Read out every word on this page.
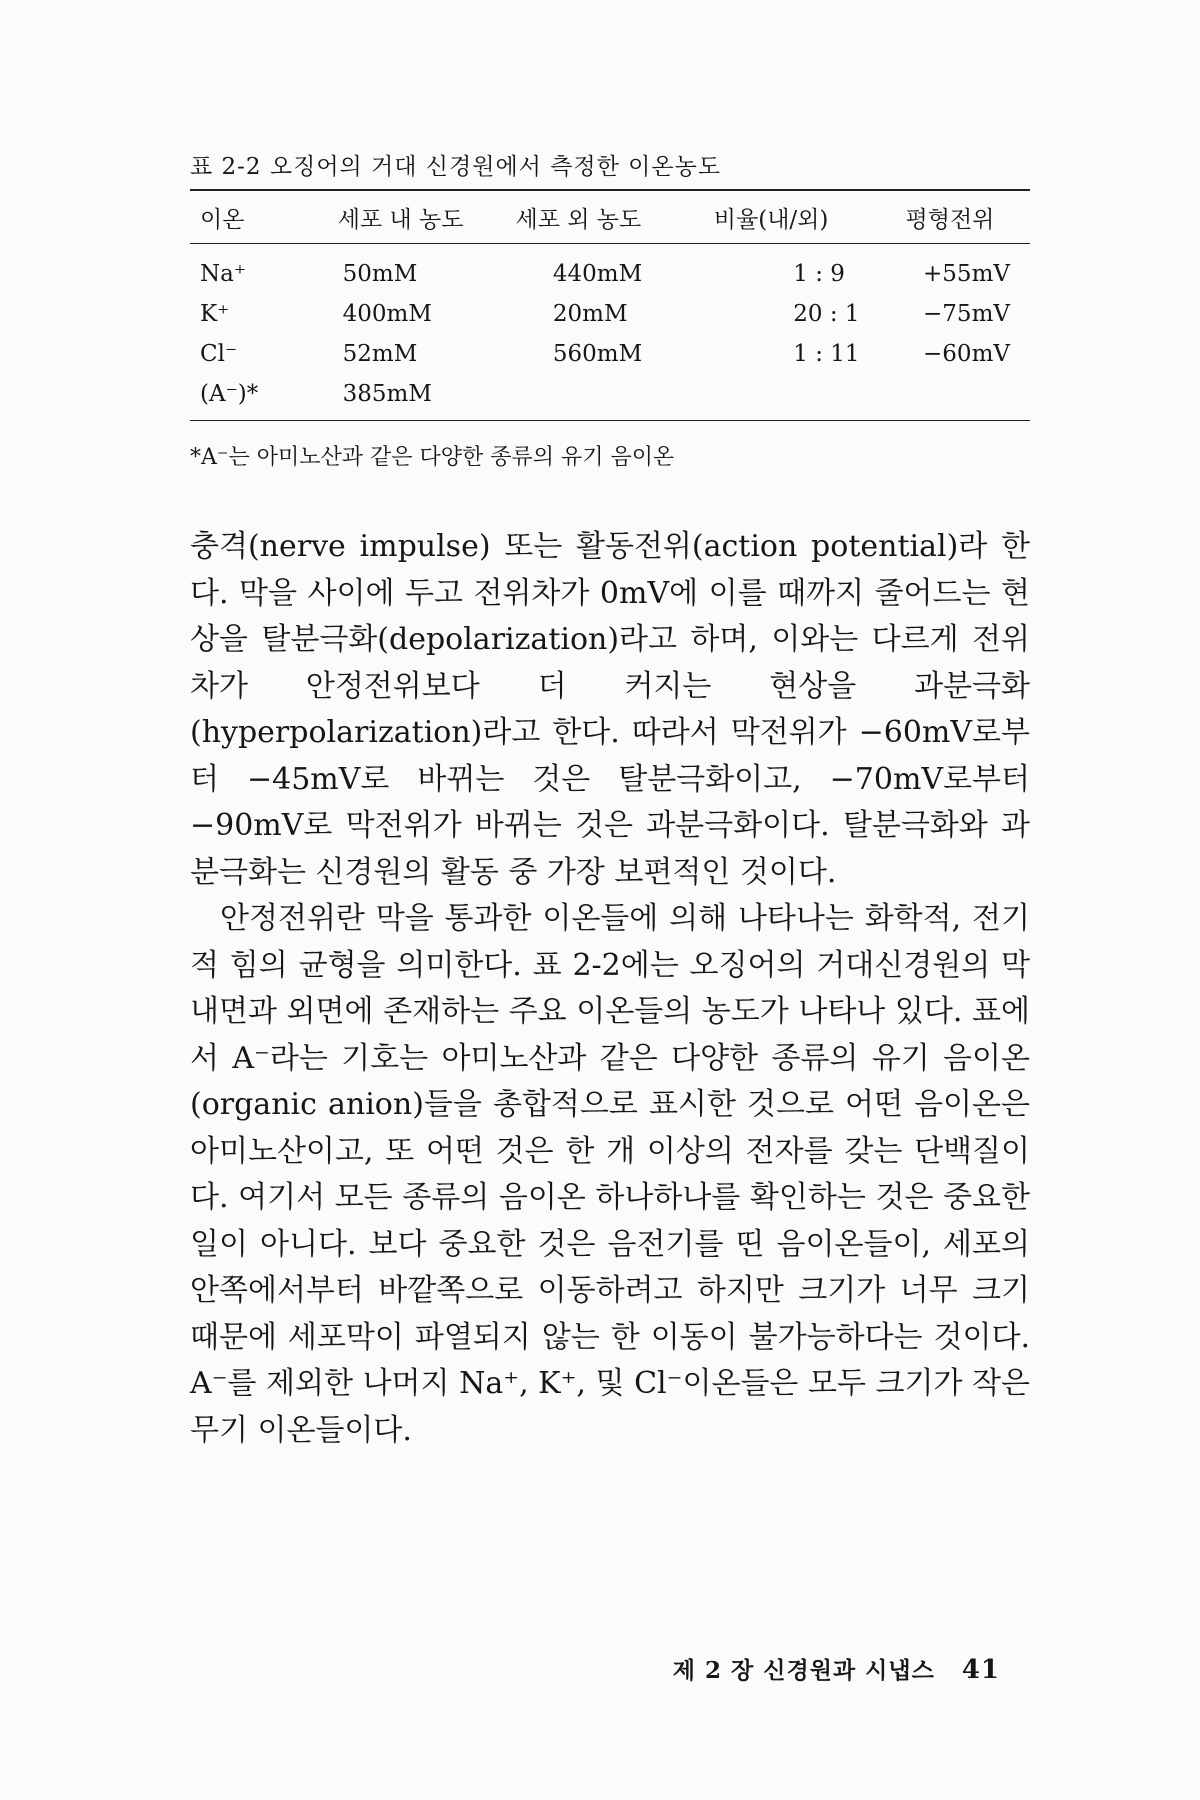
표 2-2 오징어의 거대 신경원에서 측정한 이온농도
이온	세포 내 농도	세포 외 농도	비율(내/외)	평형전위
Na⁺	50mM	440mM	1 : 9	+55mV
K⁺	400mM	20mM	20 : 1	−75mV
Cl⁻	52mM	560mM	1 : 11	−60mV
(A⁻)*	385mM			
*A⁻는 아미노산과 같은 다양한 종류의 유기 음이온

충격(nerve impulse) 또는 활동전위(action potential)라 한다. 막을 사이에 두고 전위차가 0mV에 이를 때까지 줄어드는 현상을 탈분극화(depolarization)라고 하며, 이와는 다르게 전위차가 안정전위보다 더 커지는 현상을 과분극화(hyperpolarization)라고 한다. 따라서 막전위가 −60mV로부터 −45mV로 바뀌는 것은 탈분극화이고, −70mV로부터 −90mV로 막전위가 바뀌는 것은 과분극화이다. 탈분극화와 과분극화는 신경원의 활동 중 가장 보편적인 것이다.

안정전위란 막을 통과한 이온들에 의해 나타나는 화학적, 전기적 힘의 균형을 의미한다. 표 2-2에는 오징어의 거대신경원의 막 내면과 외면에 존재하는 주요 이온들의 농도가 나타나 있다. 표에서 A⁻라는 기호는 아미노산과 같은 다양한 종류의 유기 음이온(organic anion)들을 총합적으로 표시한 것으로 어떤 음이온은 아미노산이고, 또 어떤 것은 한 개 이상의 전자를 갖는 단백질이다. 여기서 모든 종류의 음이온 하나하나를 확인하는 것은 중요한 일이 아니다. 보다 중요한 것은 음전기를 띤 음이온들이, 세포의 안쪽에서부터 바깥쪽으로 이동하려고 하지만 크기가 너무 크기 때문에 세포막이 파열되지 않는 한 이동이 불가능하다는 것이다. A⁻를 제외한 나머지 Na⁺, K⁺, 및 Cl⁻이온들은 모두 크기가 작은 무기 이온들이다.

제 2 장 신경원과 시냅스 41
